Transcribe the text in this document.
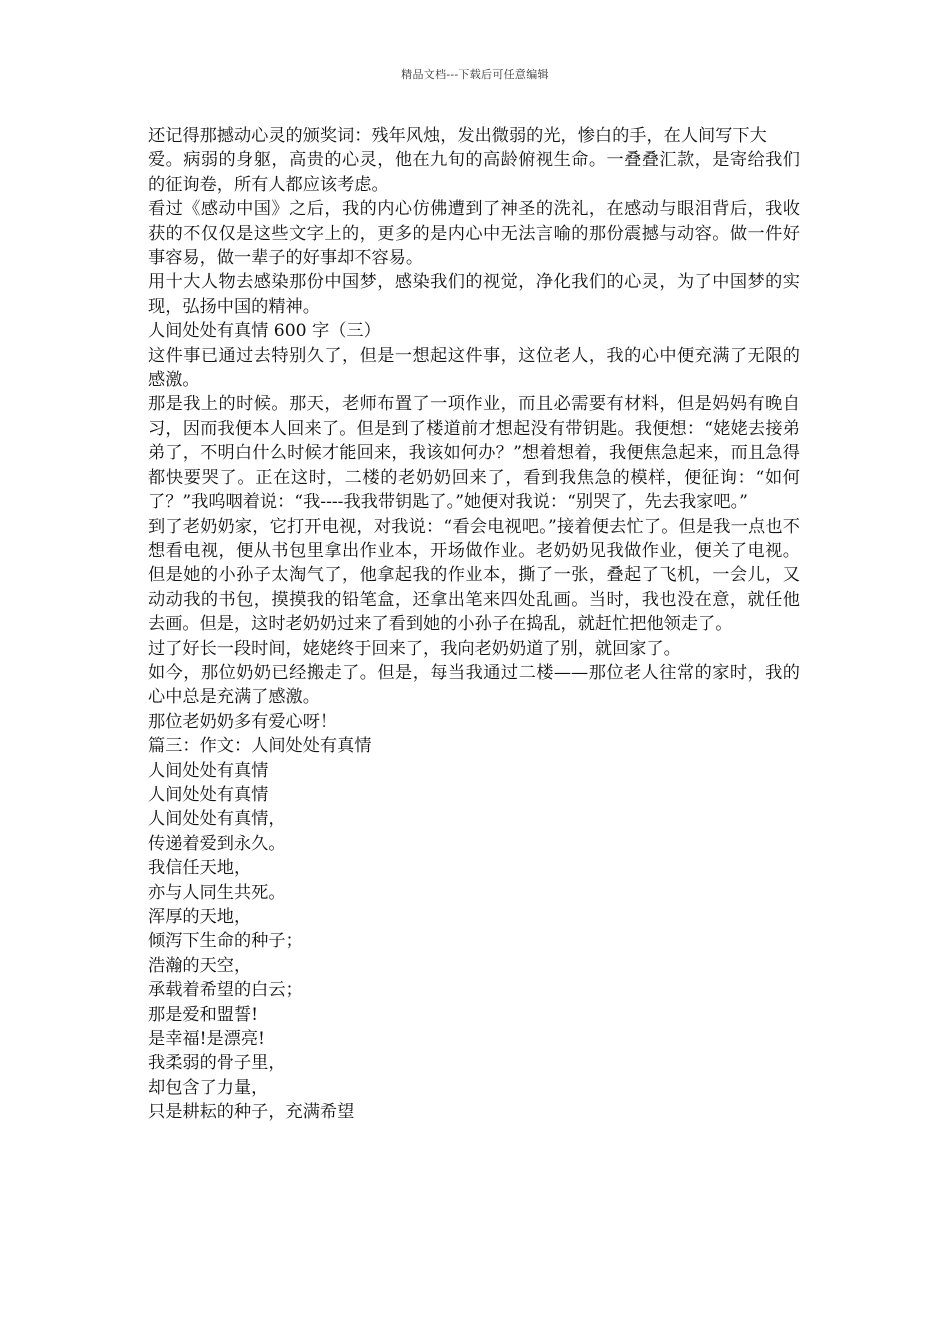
精品文档---下载后可任意编辑

还记得那撼动心灵的颁奖词：残年风烛，发出微弱的光，惨白的手，在人间写下大

爱。病弱的身躯，高贵的心灵，他在九旬的高龄俯视生命。一叠叠汇款，是寄给我们的征询卷，所有人都应该考虑。

看过《感动中国》之后，我的内心仿佛遭到了神圣的洗礼，在感动与眼泪背后，我收获的不仅仅是这些文字上的，更多的是内心中无法言喻的那份震撼与动容。做一件好事容易，做一辈子的好事却不容易。

用十大人物去感染那份中国梦，感染我们的视觉，净化我们的心灵，为了中国梦的实现，弘扬中国的精神。

人间处处有真情 600 字（三）

这件事已通过去特别久了，但是一想起这件事，这位老人，我的心中便充满了无限的感激。

那是我上的时候。那天，老师布置了一项作业，而且必需要有材料，但是妈妈有晚自习，因而我便本人回来了。但是到了楼道前才想起没有带钥匙。我便想：“姥姥去接弟弟了，不明白什么时候才能回来，我该如何办？”想着想着，我便焦急起来，而且急得都快要哭了。正在这时，二楼的老奶奶回来了，看到我焦急的模样，便征询：“如何了？”我呜咽着说：“我----我我带钥匙了。”她便对我说：“别哭了，先去我家吧。”

到了老奶奶家，它打开电视，对我说：“看会电视吧。”接着便去忙了。但是我一点也不想看电视，便从书包里拿出作业本，开场做作业。老奶奶见我做作业，便关了电视。但是她的小孙子太淘气了，他拿起我的作业本，撕了一张，叠起了飞机，一会儿，又动动我的书包，摸摸我的铅笔盒，还拿出笔来四处乱画。当时，我也没在意，就任他去画。但是，这时老奶奶过来了看到她的小孙子在捣乱，就赶忙把他领走了。

过了好长一段时间，姥姥终于回来了，我向老奶奶道了别，就回家了。

如今，那位奶奶已经搬走了。但是，每当我通过二楼——那位老人往常的家时，我的心中总是充满了感激。

那位老奶奶多有爱心呀！

篇三：作文：人间处处有真情

人间处处有真情

人间处处有真情

人间处处有真情，

传递着爱到永久。

我信任天地，

亦与人同生共死。

浑厚的天地，

倾泻下生命的种子；

浩瀚的天空，

承载着希望的白云；

那是爱和盟誓!

是幸福!是漂亮!

我柔弱的骨子里，

却包含了力量，

只是耕耘的种子，充满希望
